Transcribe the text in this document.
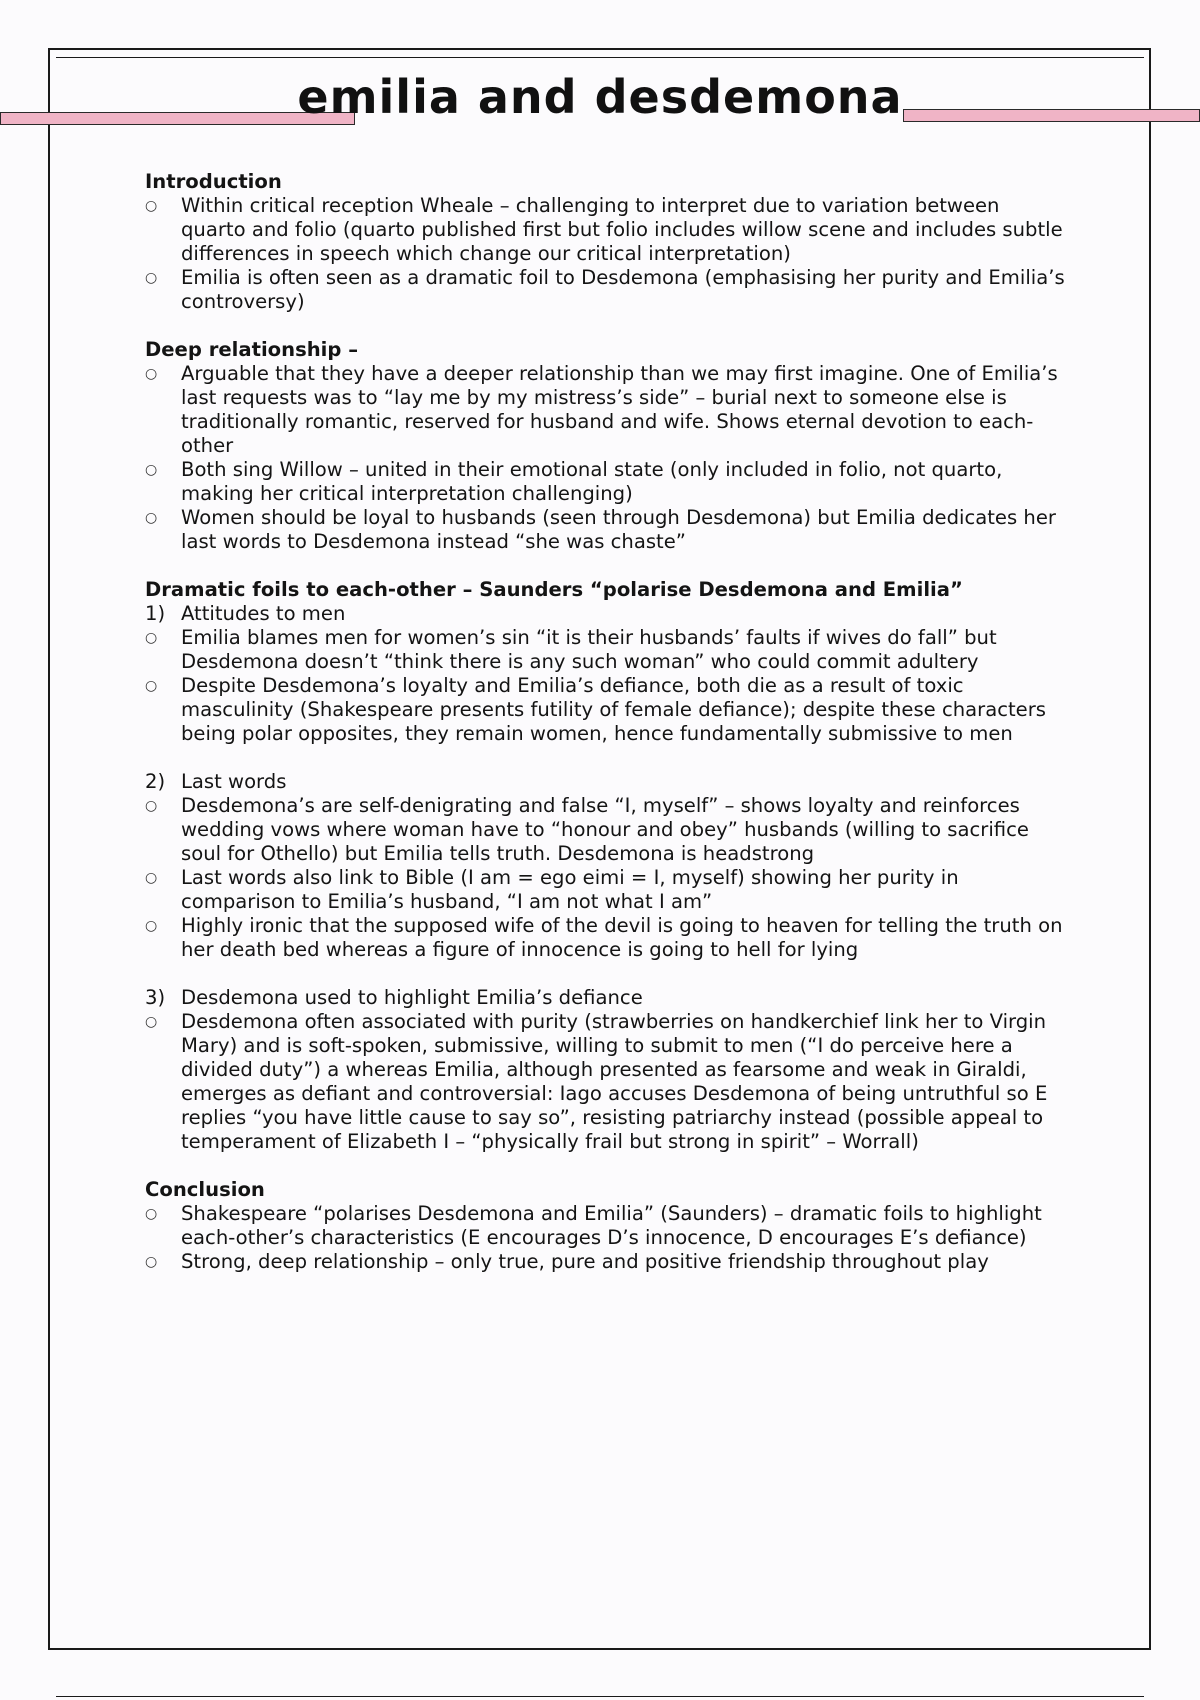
emilia and desdemona
Introduction
○	Within critical reception Wheale – challenging to interpret due to variation between quarto and folio (quarto published first but folio includes willow scene and includes subtle differences in speech which change our critical interpretation)
○	Emilia is often seen as a dramatic foil to Desdemona (emphasising her purity and Emilia’s controversy)
Deep relationship –
○	Arguable that they have a deeper relationship than we may first imagine. One of Emilia’s last requests was to “lay me by my mistress’s side” – burial next to someone else is traditionally romantic, reserved for husband and wife. Shows eternal devotion to each-other
○	Both sing Willow – united in their emotional state (only included in folio, not quarto, making her critical interpretation challenging)
○	Women should be loyal to husbands (seen through Desdemona) but Emilia dedicates her last words to Desdemona instead “she was chaste”
Dramatic foils to each-other – Saunders “polarise Desdemona and Emilia”
1) Attitudes to men
○	Emilia blames men for women’s sin “it is their husbands’ faults if wives do fall” but Desdemona doesn’t “think there is any such woman” who could commit adultery
○	Despite Desdemona’s loyalty and Emilia’s defiance, both die as a result of toxic masculinity (Shakespeare presents futility of female defiance); despite these characters being polar opposites, they remain women, hence fundamentally submissive to men
2) Last words
○	Desdemona’s are self-denigrating and false “I, myself” – shows loyalty and reinforces wedding vows where woman have to “honour and obey” husbands (willing to sacrifice soul for Othello) but Emilia tells truth. Desdemona is headstrong
○	Last words also link to Bible (I am = ego eimi = I, myself) showing her purity in comparison to Emilia’s husband, “I am not what I am”
○	Highly ironic that the supposed wife of the devil is going to heaven for telling the truth on her death bed whereas a figure of innocence is going to hell for lying
3) Desdemona used to highlight Emilia’s defiance
○	Desdemona often associated with purity (strawberries on handkerchief link her to Virgin Mary) and is soft-spoken, submissive, willing to submit to men (“I do perceive here a divided duty”) a whereas Emilia, although presented as fearsome and weak in Giraldi, emerges as defiant and controversial: Iago accuses Desdemona of being untruthful so E replies “you have little cause to say so”, resisting patriarchy instead (possible appeal to temperament of Elizabeth I – “physically frail but strong in spirit” – Worrall)
Conclusion
○	Shakespeare “polarises Desdemona and Emilia” (Saunders) – dramatic foils to highlight each-other’s characteristics (E encourages D’s innocence, D encourages E’s defiance)
○	Strong, deep relationship – only true, pure and positive friendship throughout play
